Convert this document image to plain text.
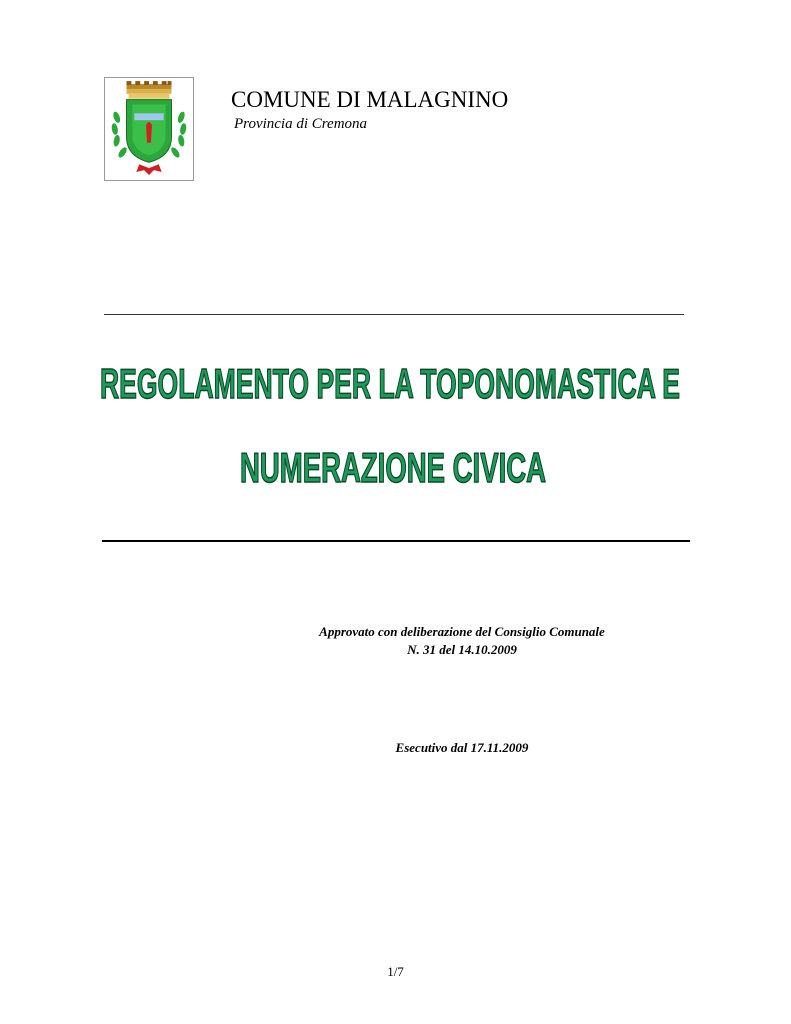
COMUNE DI MALAGNINO
Provincia di Cremona
REGOLAMENTO PER LA TOPONOMASTICA E
NUMERAZIONE CIVICA
Approvato con deliberazione del Consiglio Comunale
N. 31 del 14.10.2009
Esecutivo dal 17.11.2009
1/7
